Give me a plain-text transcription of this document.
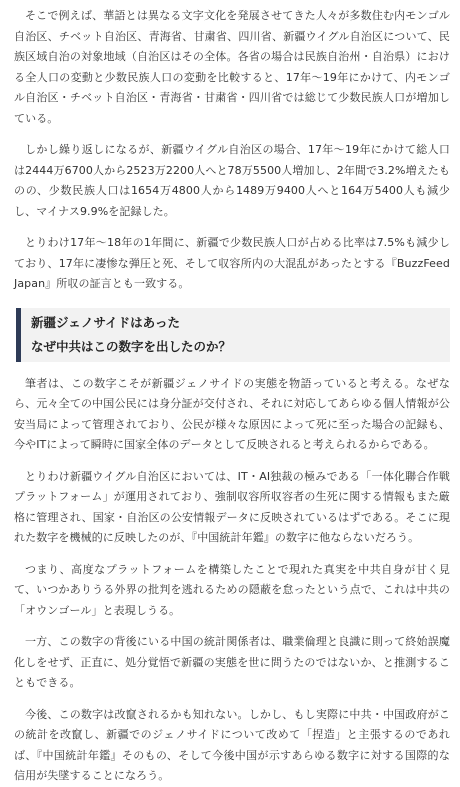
そこで例えば、華語とは異なる文字文化を発展させてきた人々が多数住む内モンゴル自治区、チベット自治区、青海省、甘粛省、四川省、新疆ウイグル自治区について、民族区域自治の対象地域（自治区はその全体。各省の場合は民族自治州・自治県）における全人口の変動と少数民族人口の変動を比較すると、17年〜19年にかけて、内モンゴル自治区・チベット自治区・青海省・甘粛省・四川省では総じて少数民族人口が増加している。

しかし繰り返しになるが、新疆ウイグル自治区の場合、17年〜19年にかけて総人口は2444万6700人から2523万2200人へと78万5500人増加し、2年間で3.2%増えたものの、少数民族人口は1654万4800人から1489万9400人へと164万5400人も減少し、マイナス9.9%を記録した。

とりわけ17年〜18年の1年間に、新疆で少数民族人口が占める比率は7.5%も減少しており、17年に凄惨な弾圧と死、そして収容所内の大混乱があったとする『BuzzFeed Japan』所収の証言とも一致する。

新疆ジェノサイドはあった
なぜ中共はこの数字を出したのか？

筆者は、この数字こそが新疆ジェノサイドの実態を物語っていると考える。なぜなら、元々全ての中国公民には身分証が交付され、それに対応してあらゆる個人情報が公安当局によって管理されており、公民が様々な原因によって死に至った場合の記録も、今やITによって瞬時に国家全体のデータとして反映されると考えられるからである。

とりわけ新疆ウイグル自治区においては、IT・AI独裁の極みである「一体化聯合作戦プラットフォーム」が運用されており、強制収容所収容者の生死に関する情報もまた厳格に管理され、国家・自治区の公安情報データに反映されているはずである。そこに現れた数字を機械的に反映したのが、『中国統計年鑑』の数字に他ならないだろう。

つまり、高度なプラットフォームを構築したことで現れた真実を中共自身が甘く見て、いつかありうる外界の批判を逃れるための隠蔽を怠ったという点で、これは中共の「オウンゴール」と表現しうる。

一方、この数字の背後にいる中国の統計関係者は、職業倫理と良識に則って終始誤魔化しをせず、正直に、処分覚悟で新疆の実態を世に問うたのではないか、と推測することもできる。

今後、この数字は改竄されるかも知れない。しかし、もし実際に中共・中国政府がこの統計を改竄し、新疆でのジェノサイドについて改めて「捏造」と主張するのであれば、『中国統計年鑑』そのもの、そして今後中国が示すあらゆる数字に対する国際的な信用が失墜することになろう。
